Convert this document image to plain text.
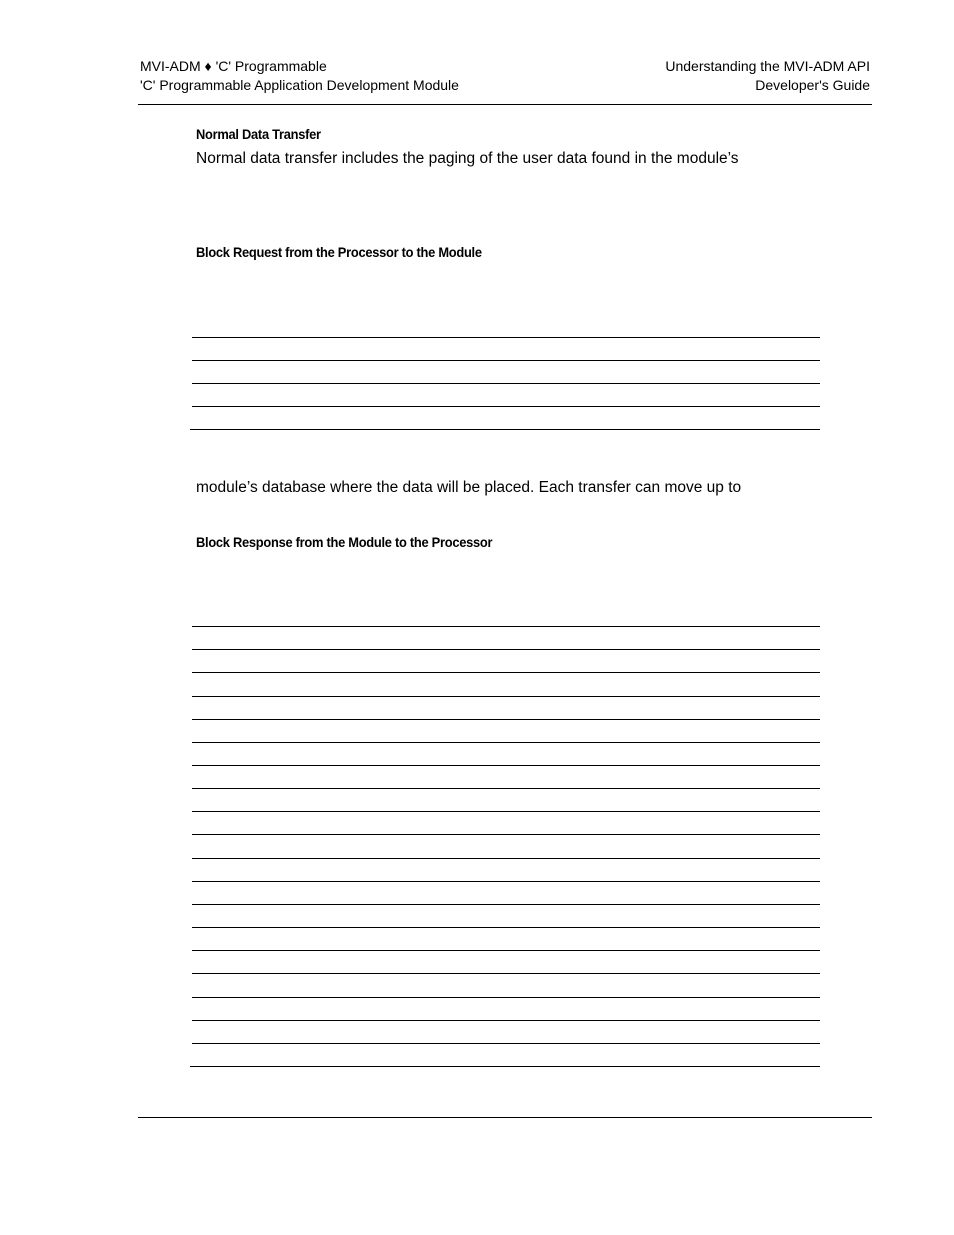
MVI-ADM ♦ 'C' Programmable
'C' Programmable Application Development Module
Understanding the MVI-ADM API
Developer's Guide
Normal Data Transfer
Normal data transfer includes the paging of the user data found in the module’s
Block Request from the Processor to the Module
module’s database where the data will be placed. Each transfer can move up to
Block Response from the Module to the Processor
